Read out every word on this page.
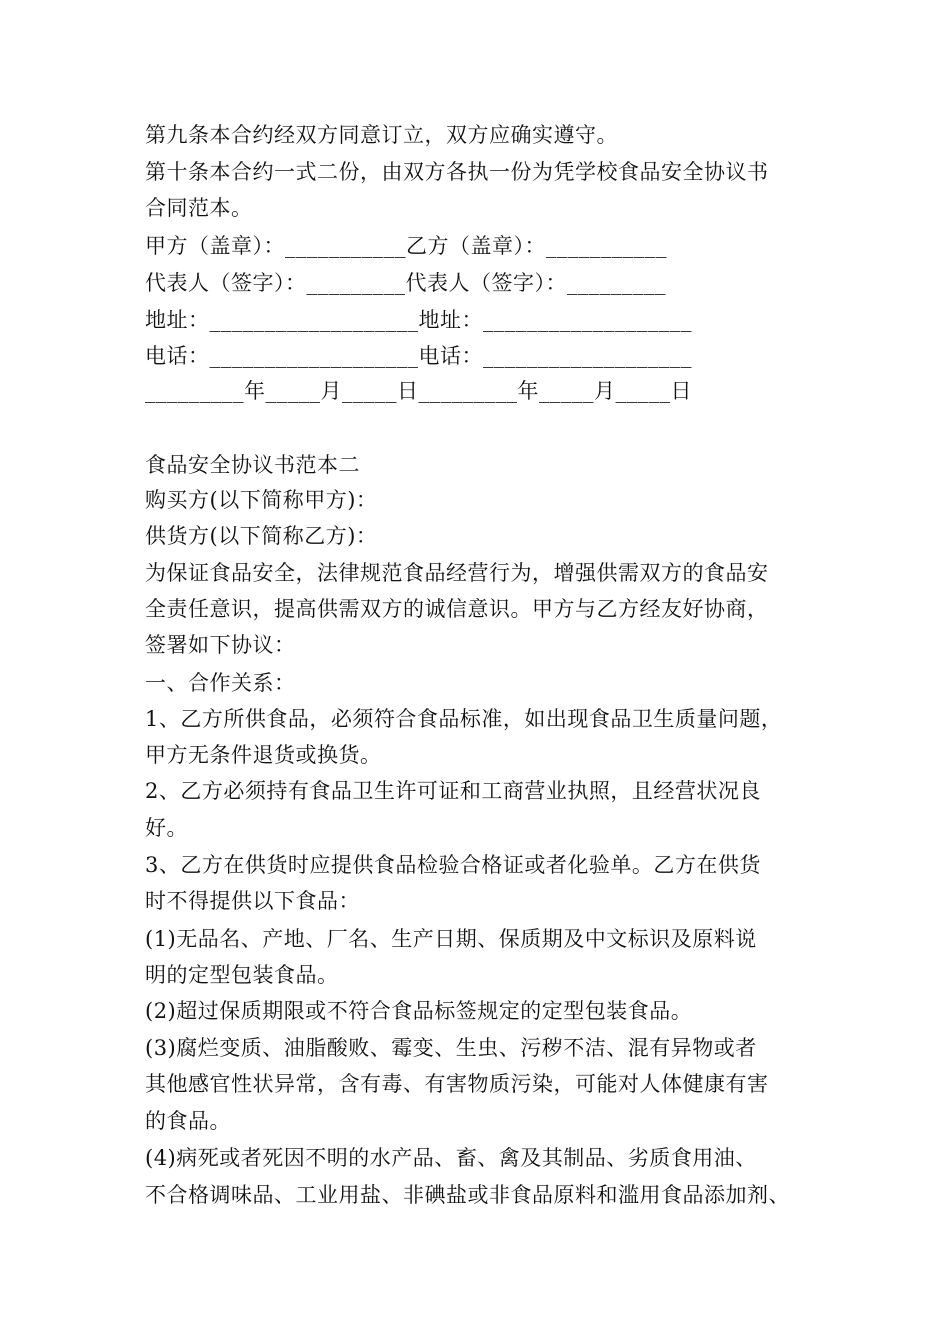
第九条本合约经双方同意订立，双方应确实遵守。
第十条本合约一式二份，由双方各执一份为凭学校食品安全协议书
合同范本。
甲方（盖章）：___________乙方（盖章）：___________
代表人（签字）：_________代表人（签字）：_________
地址：___________________地址：___________________
电话：___________________电话：___________________
_________年_____月_____日_________年_____月_____日
食品安全协议书范本二
购买方(以下简称甲方)：
供货方(以下简称乙方)：
为保证食品安全，法律规范食品经营行为，增强供需双方的食品安
全责任意识，提高供需双方的诚信意识。甲方与乙方经友好协商，
签署如下协议：
一、合作关系：
1、乙方所供食品，必须符合食品标准，如出现食品卫生质量问题，
甲方无条件退货或换货。
2、乙方必须持有食品卫生许可证和工商营业执照，且经营状况良
好。
3、乙方在供货时应提供食品检验合格证或者化验单。乙方在供货
时不得提供以下食品：
(1)无品名、产地、厂名、生产日期、保质期及中文标识及原料说
明的定型包装食品。
(2)超过保质期限或不符合食品标签规定的定型包装食品。
(3)腐烂变质、油脂酸败、霉变、生虫、污秽不洁、混有异物或者
其他感官性状异常，含有毒、有害物质污染，可能对人体健康有害
的食品。
(4)病死或者死因不明的水产品、畜、禽及其制品、劣质食用油、
不合格调味品、工业用盐、非碘盐或非食品原料和滥用食品添加剂、
